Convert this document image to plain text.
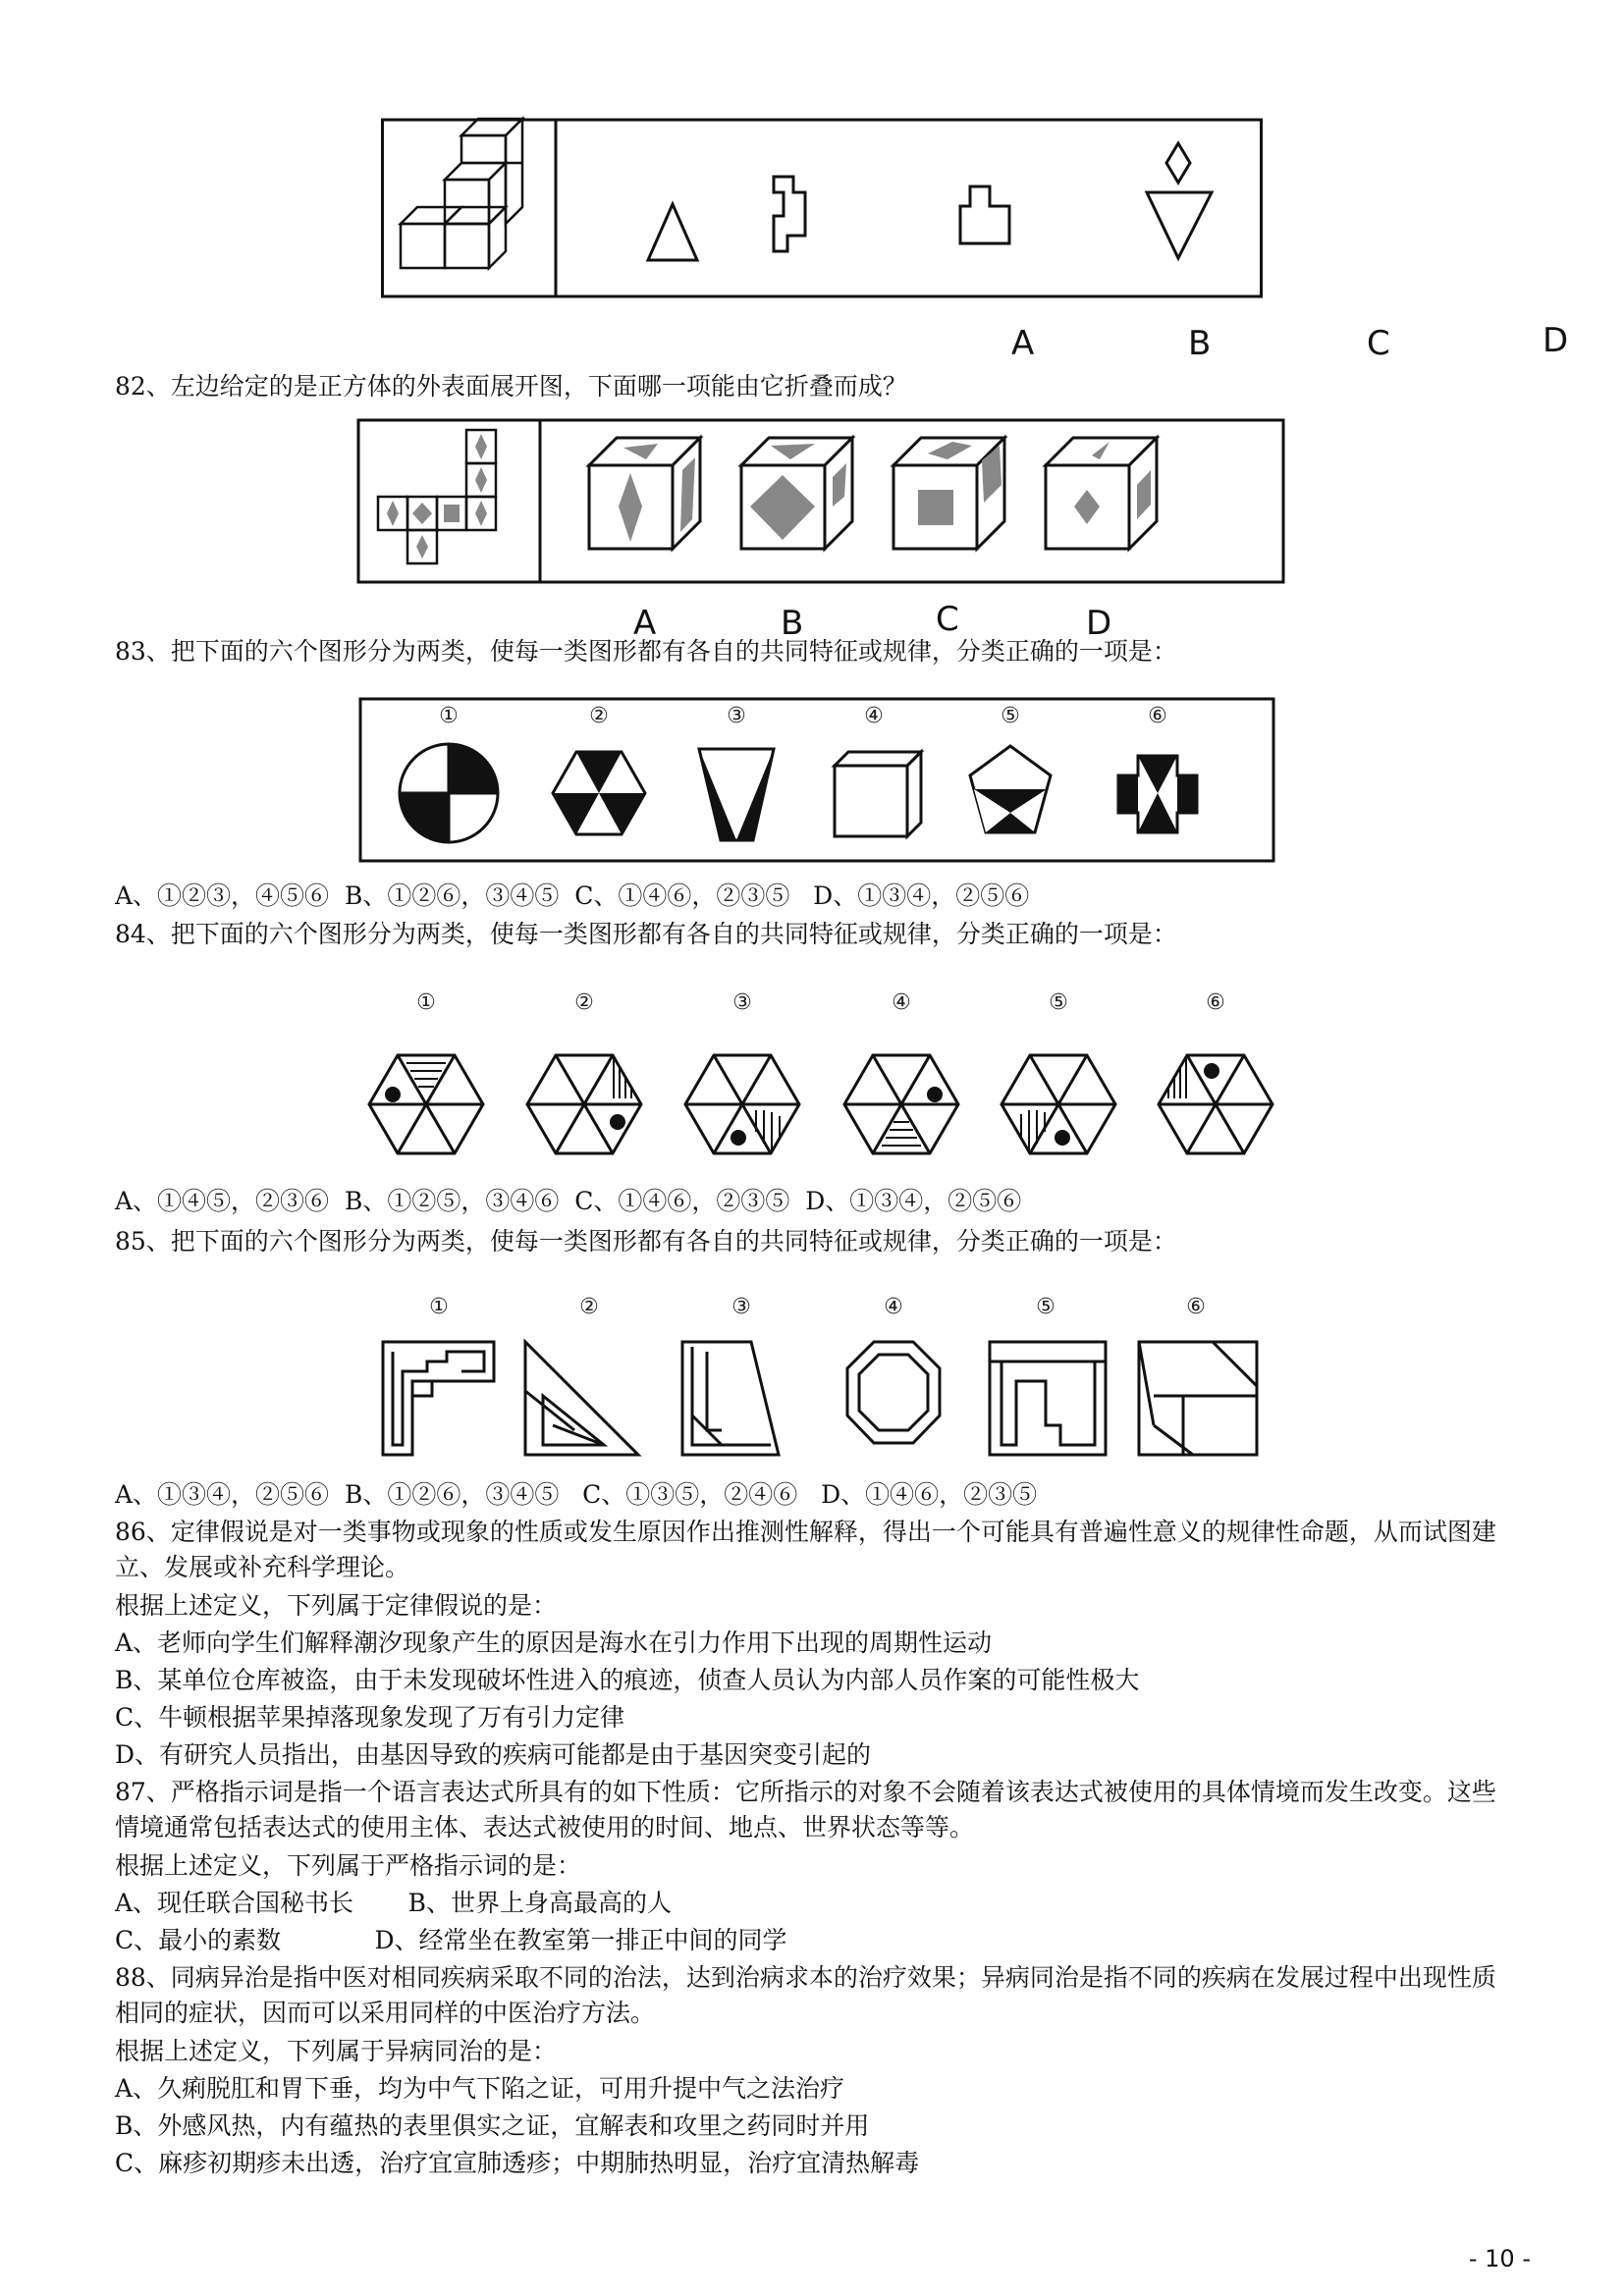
A	B	C	D
82、左边给定的是正方体的外表面展开图，下面哪一项能由它折叠而成？
A	B	C	D
83、把下面的六个图形分为两类，使每一类图形都有各自的共同特征或规律，分类正确的一项是：
①	②	③	④	⑤	⑥
A、①②③，④⑤⑥  B、①②⑥，③④⑤  C、①④⑥，②③⑤   D、①③④，②⑤⑥
84、把下面的六个图形分为两类，使每一类图形都有各自的共同特征或规律，分类正确的一项是：
①	②	③	④	⑤	⑥
A、①④⑤，②③⑥  B、①②⑤，③④⑥  C、①④⑥，②③⑤  D、①③④，②⑤⑥
85、把下面的六个图形分为两类，使每一类图形都有各自的共同特征或规律，分类正确的一项是：
①	②	③	④	⑤	⑥
A、①③④，②⑤⑥  B、①②⑥，③④⑤   C、①③⑤，②④⑥   D、①④⑥，②③⑤
86、定律假说是对一类事物或现象的性质或发生原因作出推测性解释，得出一个可能具有普遍性意义的规律性命题，从而试图建立、发展或补充科学理论。
根据上述定义，下列属于定律假说的是：
A、老师向学生们解释潮汐现象产生的原因是海水在引力作用下出现的周期性运动
B、某单位仓库被盗，由于未发现破坏性进入的痕迹，侦查人员认为内部人员作案的可能性极大
C、牛顿根据苹果掉落现象发现了万有引力定律
D、有研究人员指出，由基因导致的疾病可能都是由于基因突变引起的
87、严格指示词是指一个语言表达式所具有的如下性质：它所指示的对象不会随着该表达式被使用的具体情境而发生改变。这些情境通常包括表达式的使用主体、表达式被使用的时间、地点、世界状态等等。
根据上述定义，下列属于严格指示词的是：
A、现任联合国秘书长       B、世界上身高最高的人
C、最小的素数            D、经常坐在教室第一排正中间的同学
88、同病异治是指中医对相同疾病采取不同的治法，达到治病求本的治疗效果；异病同治是指不同的疾病在发展过程中出现性质相同的症状，因而可以采用同样的中医治疗方法。
根据上述定义，下列属于异病同治的是：
A、久痢脱肛和胃下垂，均为中气下陷之证，可用升提中气之法治疗
B、外感风热，内有蕴热的表里俱实之证，宜解表和攻里之药同时并用
C、麻疹初期疹未出透，治疗宜宣肺透疹；中期肺热明显，治疗宜清热解毒
- 10 -
